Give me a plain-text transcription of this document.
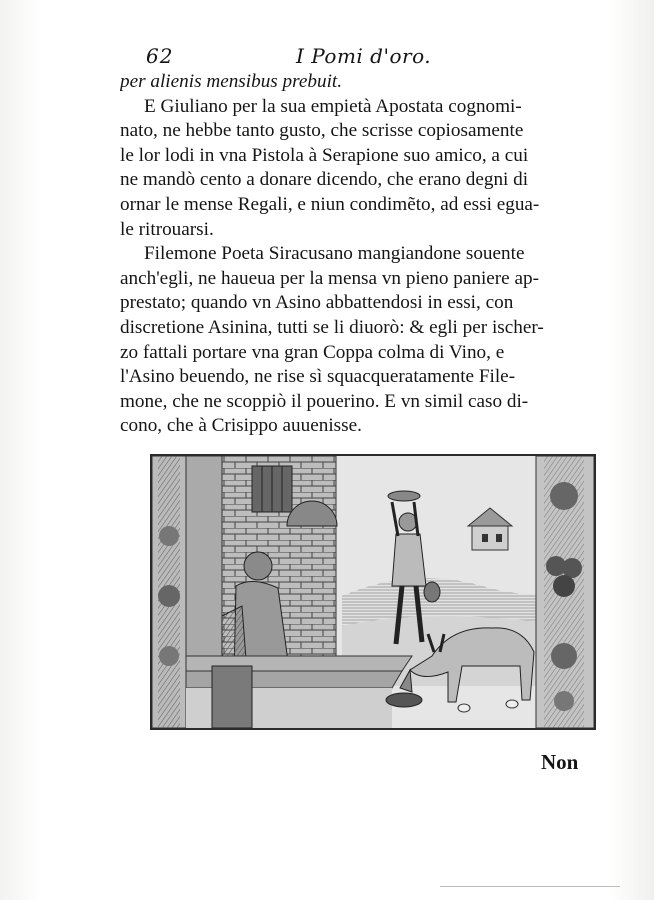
62	I Pomi d'oro.
per alienis mensibus prebuit.
E Giuliano per la sua empietà Apostata cognomi-
nato, ne hebbe tanto gusto, che scrisse copiosamente
le lor lodi in vna Pistola à Serapione suo amico, a cui
ne mandò cento a donare dicendo, che erano degni di
ornar le mense Regali, e niun condimẽto, ad essi egua-
le ritrouarsi.
Filemone Poeta Siracusano mangiandone souente
anch'egli, ne haueua per la mensa vn pieno paniere ap-
prestato; quando vn Asino abbattendosi in essi, con
discretione Asinina, tutti se li diuorò: & egli per ischer-
zo fattali portare vna gran Coppa colma di Vino, e
l'Asino beuendo, ne rise sì squacqueratamente File-
mone, che ne scoppiò il pouerino. E vn simil caso di-
cono, che à Crisippo auuenisse.
Non
